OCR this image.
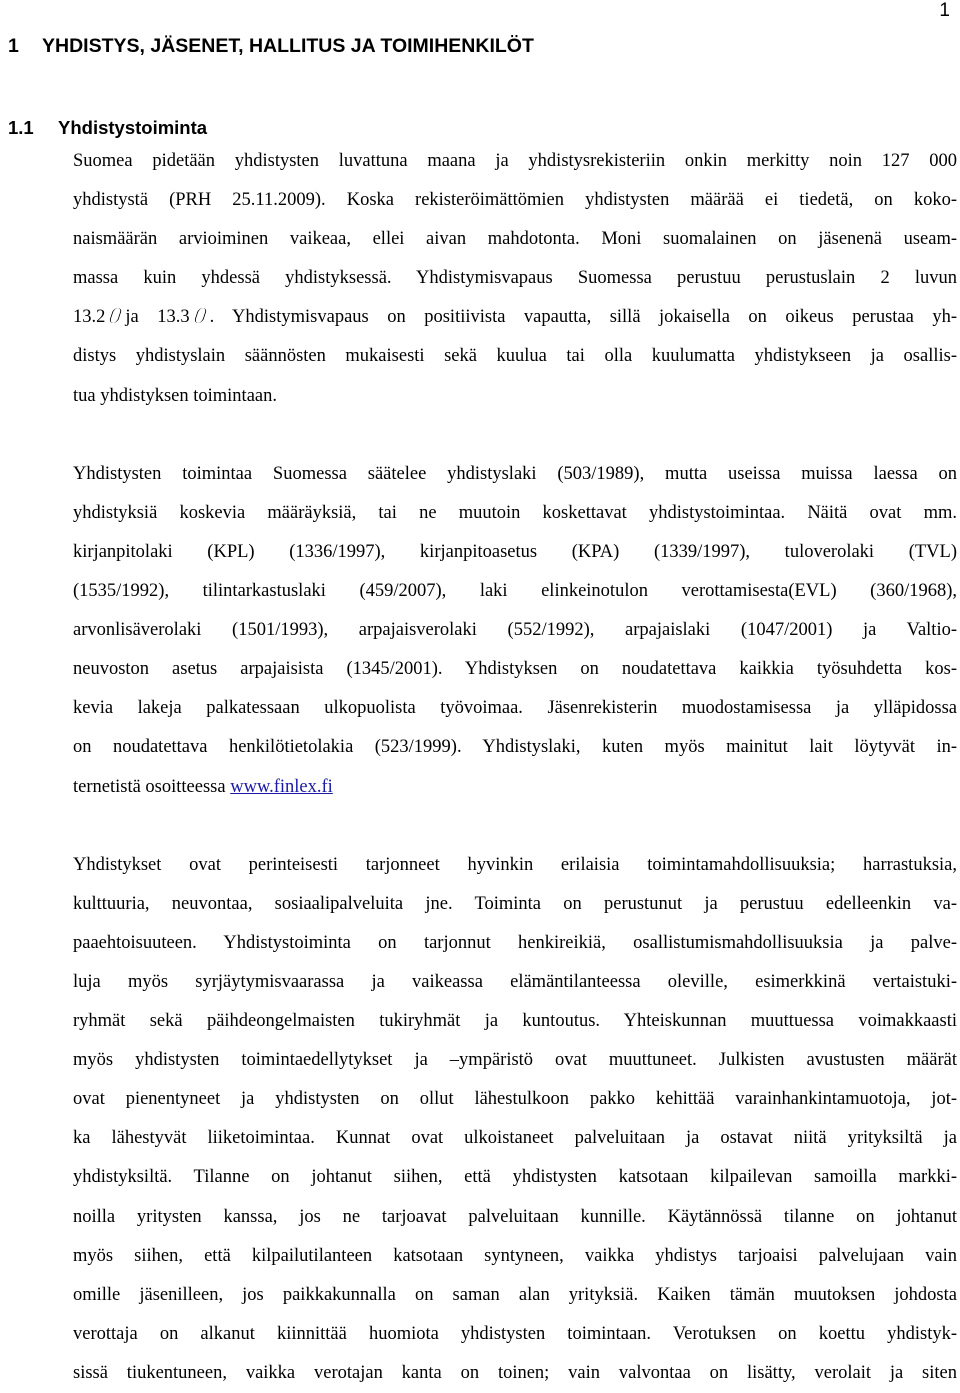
1
1 YHDISTYS, JÄSENET, HALLITUS JA TOIMIHENKILÖT
1.1 Yhdistystoiminta
Suomea pidetään yhdistysten luvattuna maana ja yhdistysrekisteriin onkin merkitty noin 127 000
yhdistystä (PRH 25.11.2009). Koska rekisteröimättömien yhdistysten määrää ei tiedetä, on koko-
naismäärän arvioiminen vaikeaa, ellei aivan mahdotonta. Moni suomalainen on jäsenenä useam-
massa kuin yhdessä yhdistyksessä. Yhdistymisvapaus Suomessa perustuu perustuslain 2 luvun
13.2 ja 13.3 . Yhdistymisvapaus on positiivista vapautta, sillä jokaisella on oikeus perustaa yh-
distys yhdistyslain säännösten mukaisesti sekä kuulua tai olla kuulumatta yhdistykseen ja osallis-
tua yhdistyksen toimintaan.
Yhdistysten toimintaa Suomessa säätelee yhdistyslaki (503/1989), mutta useissa muissa laessa on
yhdistyksiä koskevia määräyksiä, tai ne muutoin koskettavat yhdistystoimintaa. Näitä ovat mm.
kirjanpitolaki (KPL) (1336/1997), kirjanpitoasetus (KPA) (1339/1997), tuloverolaki (TVL)
(1535/1992), tilintarkastuslaki (459/2007), laki elinkeinotulon verottamisesta(EVL) (360/1968),
arvonlisäverolaki (1501/1993), arpajaisverolaki (552/1992), arpajaislaki (1047/2001) ja Valtio-
neuvoston asetus arpajaisista (1345/2001). Yhdistyksen on noudatettava kaikkia työsuhdetta kos-
kevia lakeja palkatessaan ulkopuolista työvoimaa. Jäsenrekisterin muodostamisessa ja ylläpidossa
on noudatettava henkilötietolakia (523/1999). Yhdistyslaki, kuten myös mainitut lait löytyvät in-
ternetistä osoitteessa www.finlex.fi
Yhdistykset ovat perinteisesti tarjonneet hyvinkin erilaisia toimintamahdollisuuksia; harrastuksia,
kulttuuria, neuvontaa, sosiaalipalveluita jne. Toiminta on perustunut ja perustuu edelleenkin va-
paaehtoisuuteen. Yhdistystoiminta on tarjonnut henkireikiä, osallistumismahdollisuuksia ja palve-
luja myös syrjäytymisvaarassa ja vaikeassa elämäntilanteessa oleville, esimerkkinä vertaistuki-
ryhmät sekä päihdeongelmaisten tukiryhmät ja kuntoutus. Yhteiskunnan muuttuessa voimakkaasti
myös yhdistysten toimintaedellytykset ja –ympäristö ovat muuttuneet. Julkisten avustusten määrät
ovat pienentyneet ja yhdistysten on ollut lähestulkoon pakko kehittää varainhankintamuotoja, jot-
ka lähestyvät liiketoimintaa. Kunnat ovat ulkoistaneet palveluitaan ja ostavat niitä yrityksiltä ja
yhdistyksiltä. Tilanne on johtanut siihen, että yhdistysten katsotaan kilpailevan samoilla markki-
noilla yritysten kanssa, jos ne tarjoavat palveluitaan kunnille. Käytännössä tilanne on johtanut
myös siihen, että kilpailutilanteen katsotaan syntyneen, vaikka yhdistys tarjoaisi palvelujaan vain
omille jäsenilleen, jos paikkakunnalla on saman alan yrityksiä. Kaiken tämän muutoksen johdosta
verottaja on alkanut kiinnittää huomiota yhdistysten toimintaan. Verotuksen on koettu yhdistyk-
sissä tiukentuneen, vaikka verotajan kanta on toinen; vain valvontaa on lisätty, verolait ja siten
